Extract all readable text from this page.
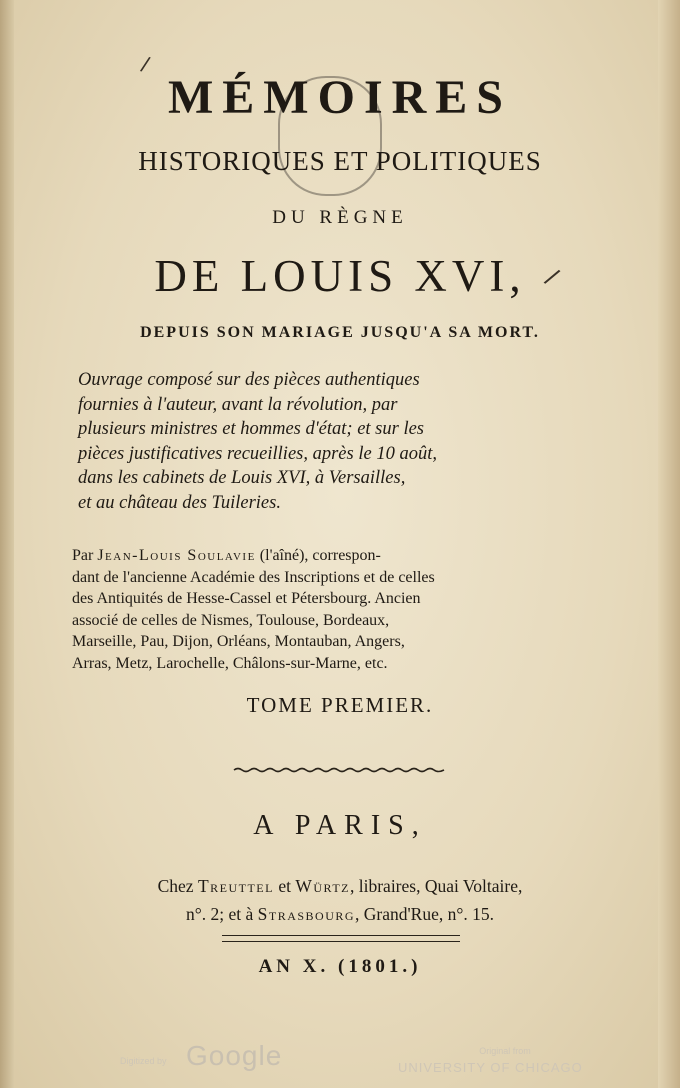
/
/
MÉMOIRES
HISTORIQUES ET POLITIQUES
DU RÈGNE
DE LOUIS XVI,
DEPUIS SON MARIAGE JUSQU'A SA MORT.
Ouvrage composé sur des pièces authentiques
fournies à l'auteur, avant la révolution, par
plusieurs ministres et hommes d'état; et sur les
pièces justificatives recueillies, après le 10 août,
dans les cabinets de Louis XVI, à Versailles,
et au château des Tuileries.
Par Jean-Louis Soulavie (l'aîné), correspon-
dant de l'ancienne Académie des Inscriptions et de celles
des Antiquités de Hesse-Cassel et Pétersbourg. Ancien
associé de celles de Nismes, Toulouse, Bordeaux,
Marseille, Pau, Dijon, Orléans, Montauban, Angers,
Arras, Metz, Larochelle, Châlons-sur-Marne, etc.
TOME PREMIER.
A PARIS,
Chez Treuttel et Würtz, libraires, Quai Voltaire,
n°. 2; et à Strasbourg, Grand'Rue, n°. 15.
AN X. (1801.)
Digitized by Google	Original from
UNIVERSITY OF CHICAGO
